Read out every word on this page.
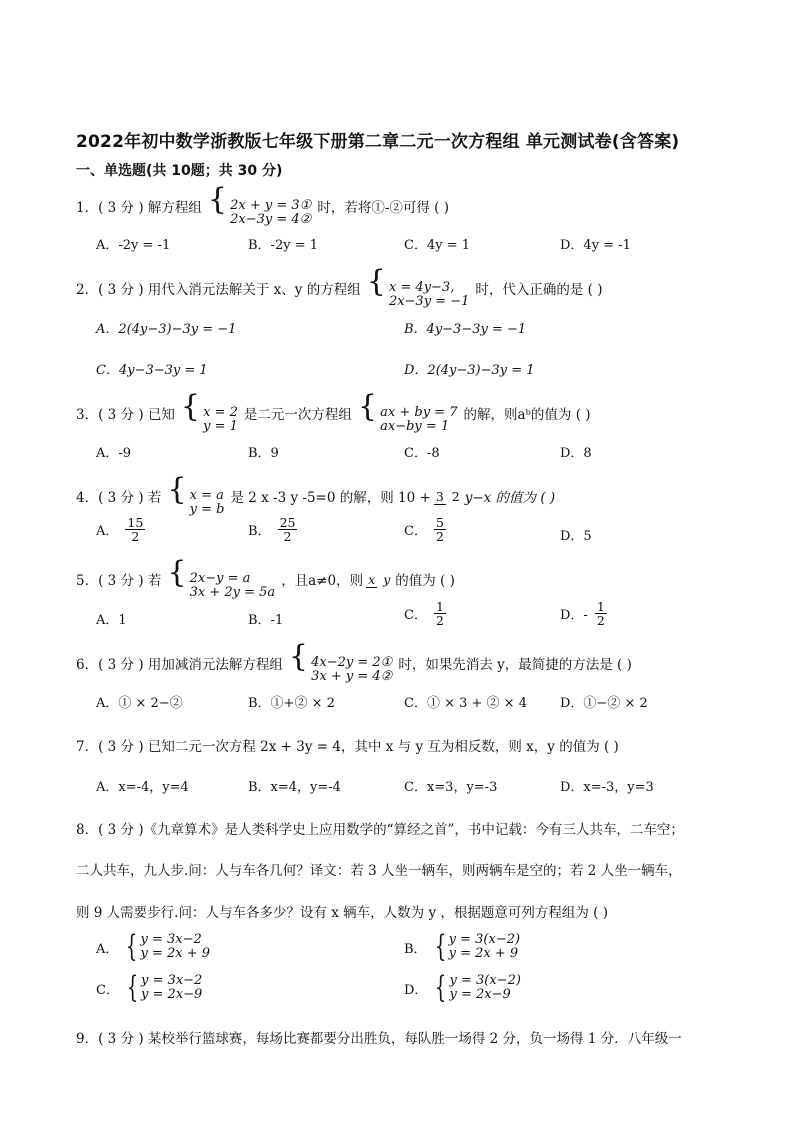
2022年初中数学浙教版七年级下册第二章二元一次方程组 单元测试卷(含答案)
一、单选题(共 10题；共 30 分)
1．( 3 分 ) 解方程组 { 2x + y = 3①
2x−3y = 4②
时，若将①-②可得 ( )
A．-2y = -1	B．-2y = 1	C．4y = 1	D．4y = -1
2．( 3 分 ) 用代入消元法解关于 x、y 的方程组 { x = 4y−3,
2x−3y = −1
时，代入正确的是 ( )
A．2(4y−3)−3y = −1	B．4y−3−3y = −1
C．4y−3−3y = 1	D．2(4y−3)−3y = 1
3．( 3 分 ) 已知 { x = 2
y = 1
是二元一次方程组 { ax + by = 7
ax−by = 1
的解，则aᵇ的值为 ( )
A．-9	B．9	C．-8	D．8
4．( 3 分 ) 若 { x = a
y = b
是 2 x -3 y -5=0 的解，则 10 + 3 2 y−x 的值为 ( )
A． $\frac{15}{2}$	B． $\frac{25}{2}$	C． $\frac{5}{2}$	D．5
5．( 3 分 ) 若 { 2x−y = a
3x + 2y = 5a
，且a≠0，则 x y 的值为 ( )
A．1	B．-1	C． $\frac{1}{2}$	D．- $\frac{1}{2}$
6．( 3 分 ) 用加减消元法解方程组 { 4x−2y = 2①
3x + y = 4②
时，如果先消去 y，最简捷的方法是 ( )
A．① × 2−②	B．①+② × 2	C．① × 3 + ② × 4	D．①−② × 2
7．( 3 分 ) 已知二元一次方程 2x + 3y = 4，其中 x 与 y 互为相反数，则 x，y 的值为 ( )
A．x=-4，y=4	B．x=4，y=-4	C．x=3，y=-3	D．x=-3，y=3
8．( 3 分 )《九章算术》是人类科学史上应用数学的“算经之首”，书中记载：今有三人共车，二车空；
二人共车，九人步.问：人与车各几何？译文：若 3 人坐一辆车，则两辆车是空的；若 2 人坐一辆车，
则 9 人需要步行.问：人与车各多少？设有 x 辆车，人数为 y ，根据题意可列方程组为 ( )
A． { y = 3x−2
y = 2x + 9	B． { y = 3(x−2)
y = 2x + 9
C． { y = 3x−2
y = 2x−9	D． { y = 3(x−2)
y = 2x−9
9．( 3 分 ) 某校举行篮球赛，每场比赛都要分出胜负，每队胜一场得 2 分，负一场得 1 分．八年级一
